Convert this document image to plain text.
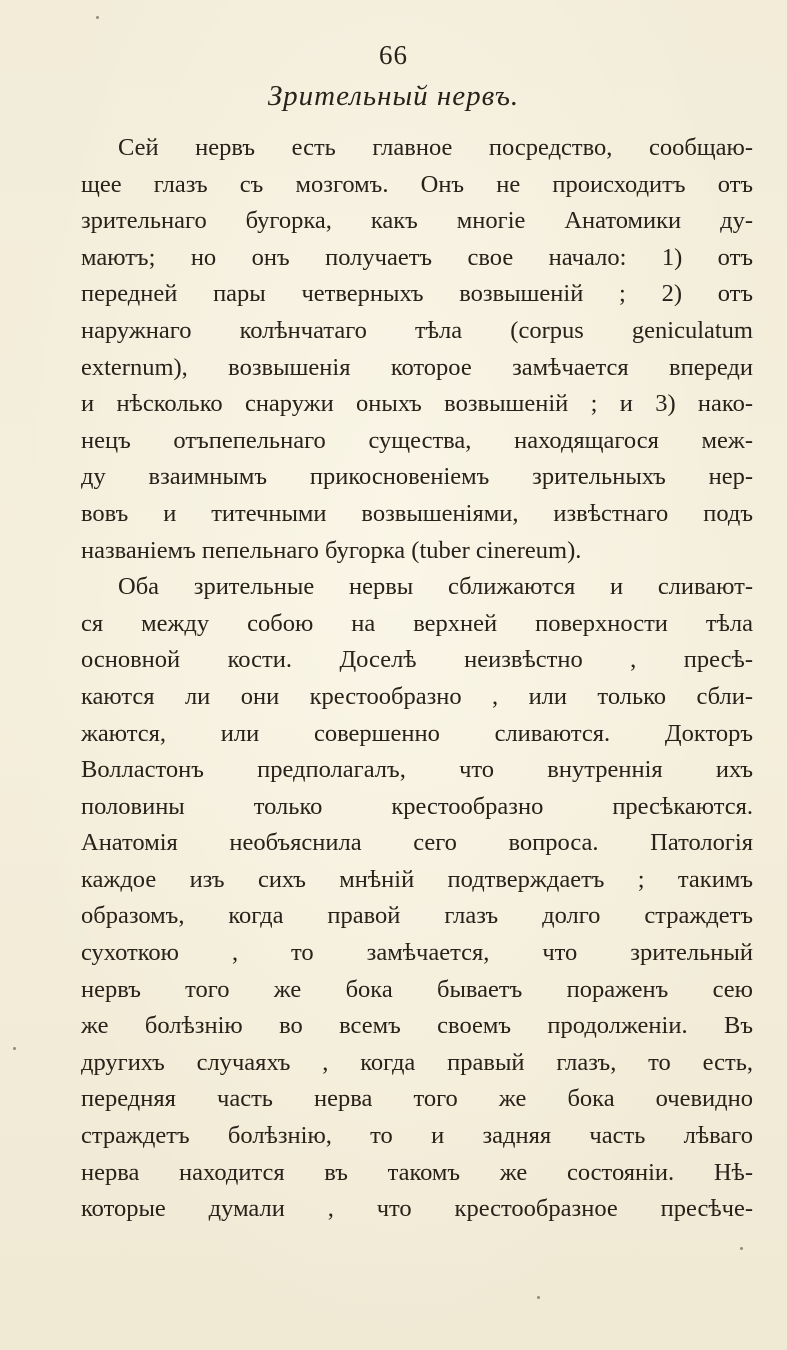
66
Зрительный нервъ.
Сей нервъ есть главное посредство, сообщаю-
щее глазъ съ мозгомъ. Онъ не происходитъ отъ
зрительнаго бугорка, какъ многіе Анатомики ду-
маютъ; но онъ получаетъ свое начало: 1) отъ
передней пары четверныхъ возвышеній ; 2) отъ
наружнаго колѣнчатаго тѣла (corpus geniculatum
externum), возвышенія которое замѣчается впереди
и нѣсколько снаружи оныхъ возвышеній ; и 3) нако-
нецъ отъпепельнаго существа, находящагося меж-
ду взаимнымъ прикосновеніемъ зрительныхъ нер-
вовъ и титечными возвышеніями, извѣстнаго подъ
названіемъ пепельнаго бугорка (tuber cinereum).
Оба зрительные нервы сближаются и сливают-
ся между собою на верхней поверхности тѣла
основной кости. Доселѣ неизвѣстно , пресѣ-
каются ли они крестообразно , или только сбли-
жаются, или совершенно сливаются. Докторъ
Волластонъ предполагалъ, что внутреннія ихъ
половины только крестообразно пресѣкаются.
Анатомія необъяснила сего вопроса. Патологія
каждое изъ сихъ мнѣній подтверждаетъ ; такимъ
образомъ, когда правой глазъ долго страждетъ
сухоткою , то замѣчается, что зрительный
нервъ того же бока бываетъ пораженъ сею
же болѣзнію во всемъ своемъ продолженіи. Въ
другихъ случаяхъ , когда правый глазъ, то есть,
передняя часть нерва того же бока очевидно
страждетъ болѣзнію, то и задняя часть лѣваго
нерва находится въ такомъ же состояніи. Нѣ-
которые думали , что крестообразное пресѣче-
